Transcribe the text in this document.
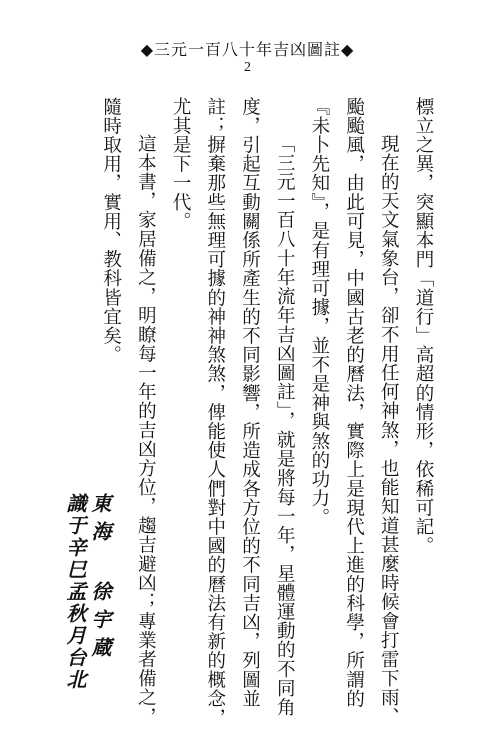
◆三元一百八十年吉凶圖註◆
2

標立之異，突顯本門「道行」高超的情形，依稀可記。

現在的天文氣象台，卻不用任何神煞，也能知道甚麼時候會打雷下雨、颱颱風，由此可見，中國古老的曆法，實際上是現代上進的科學，所謂的『未卜先知』，是有理可據，並不是神與煞的功力。

「三元一百八十年流年吉凶圖註」，就是將每一年，星體運動的不同角度，引起互動關係所產生的不同影響，所造成各方位的不同吉凶，列圖並註；摒棄那些無理可據的神神煞煞，俾能使人們對中國的曆法有新的概念，尤其是下一代。

這本書，家居備之，明瞭每一年的吉凶方位，趨吉避凶；專業者備之，隨時取用，實用、教科皆宜矣。

東海 徐宇蔵
識于辛巳孟秋月台北
